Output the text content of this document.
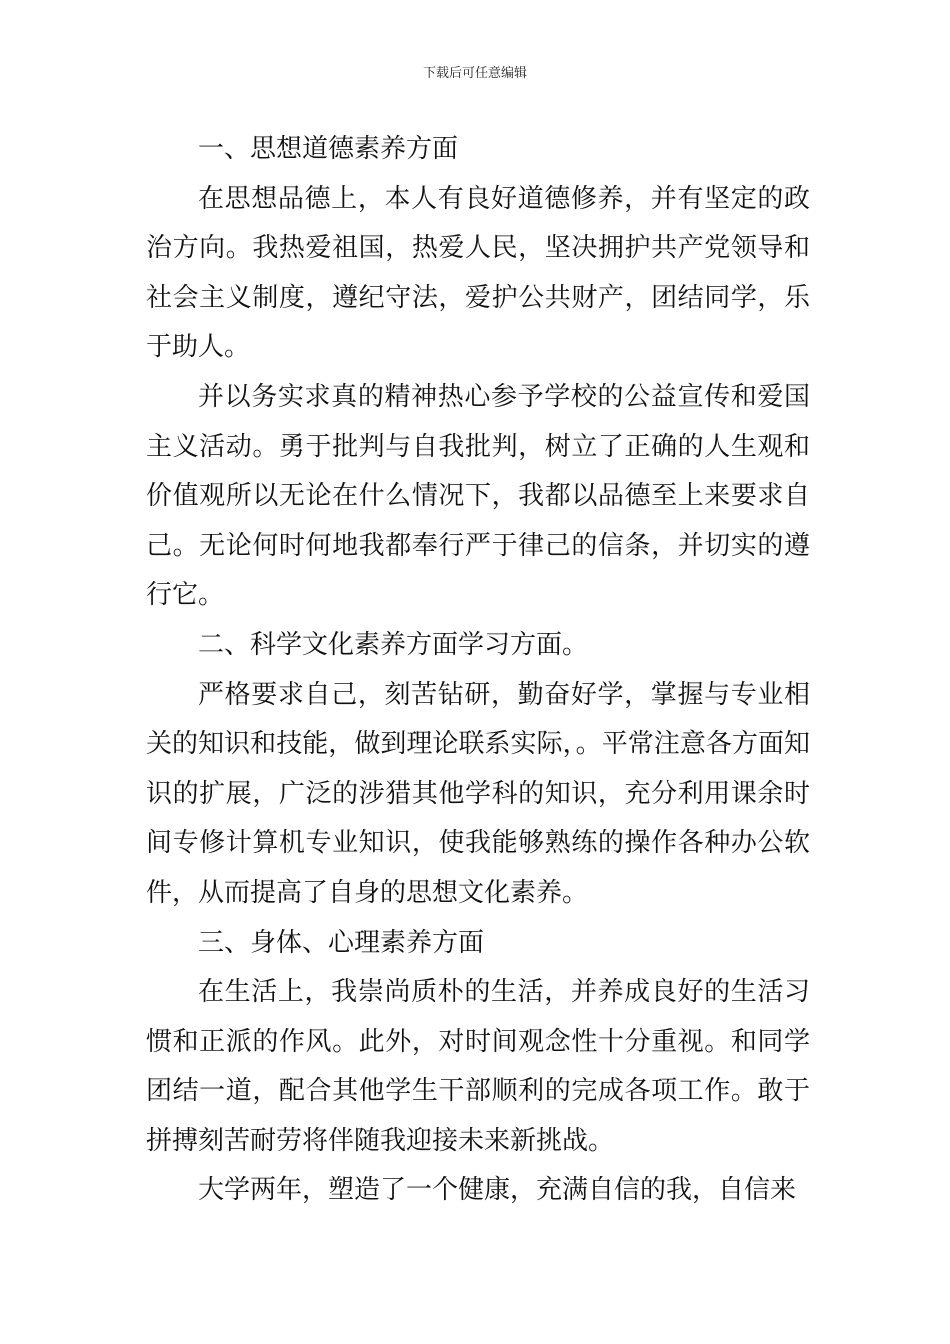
下载后可任意编辑

一、思想道德素养方面

在思想品德上，本人有良好道德修养，并有坚定的政治方向。我热爱祖国，热爱人民，坚决拥护共产党领导和社会主义制度，遵纪守法，爱护公共财产，团结同学，乐于助人。

并以务实求真的精神热心参予学校的公益宣传和爱国主义活动。勇于批判与自我批判，树立了正确的人生观和价值观所以无论在什么情况下，我都以品德至上来要求自己。无论何时何地我都奉行严于律己的信条，并切实的遵行它。

二、科学文化素养方面学习方面。

严格要求自己，刻苦钻研，勤奋好学，掌握与专业相关的知识和技能，做到理论联系实际，。平常注意各方面知识的扩展，广泛的涉猎其他学科的知识，充分利用课余时间专修计算机专业知识，使我能够熟练的操作各种办公软件，从而提高了自身的思想文化素养。

三、身体、心理素养方面

在生活上，我崇尚质朴的生活，并养成良好的生活习惯和正派的作风。此外，对时间观念性十分重视。和同学团结一道，配合其他学生干部顺利的完成各项工作。敢于拼搏刻苦耐劳将伴随我迎接未来新挑战。

大学两年，塑造了一个健康，充满自信的我，自信来
